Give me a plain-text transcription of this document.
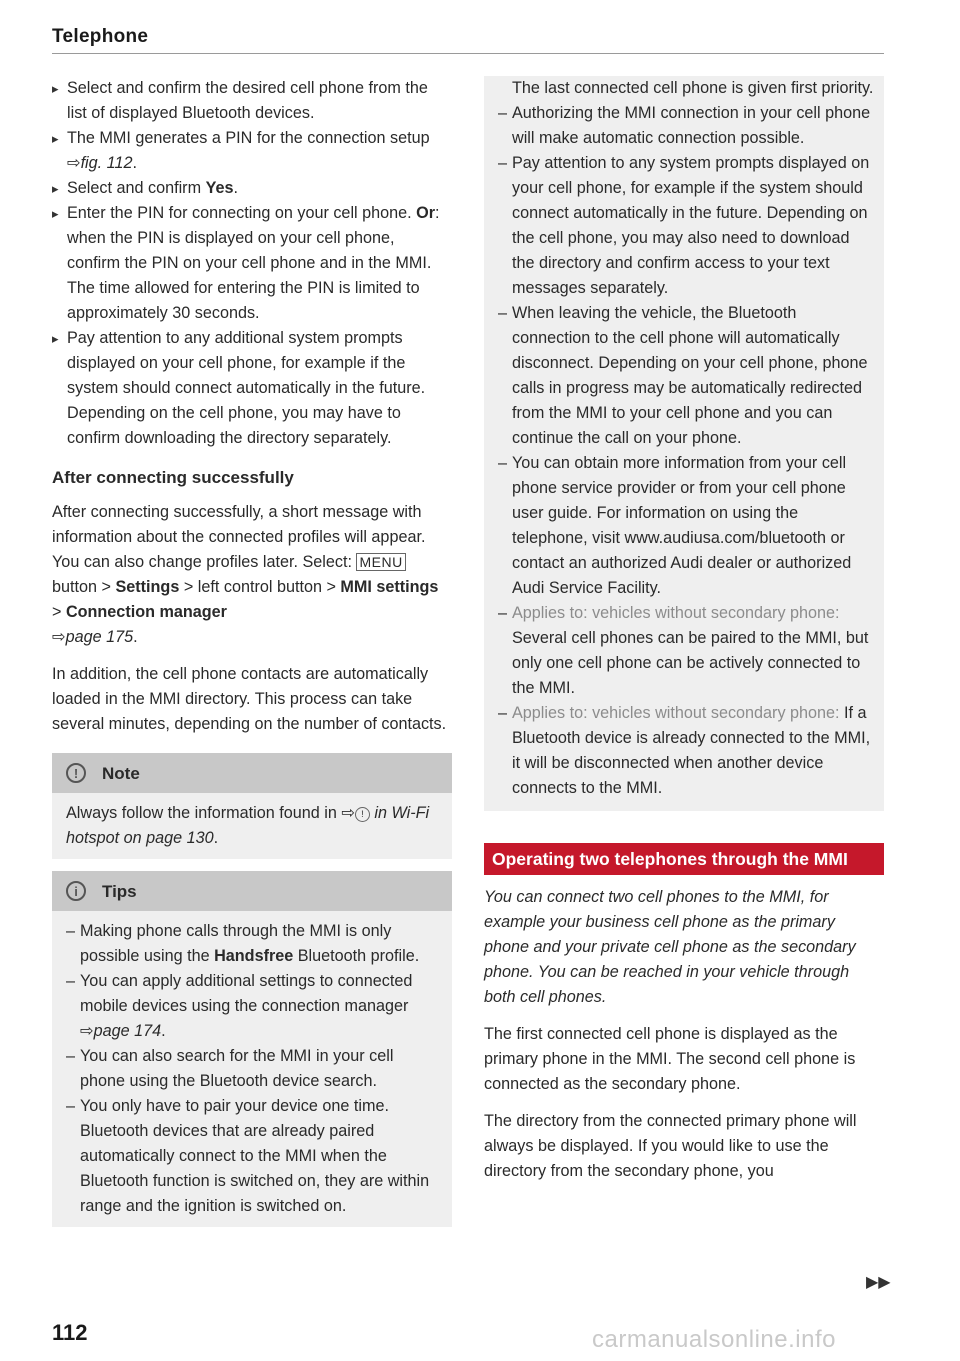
Telephone
▸ Select and confirm the desired cell phone from the list of displayed Bluetooth devices.
▸ The MMI generates a PIN for the connection setup ⇨fig. 112.
▸ Select and confirm Yes.
▸ Enter the PIN for connecting on your cell phone. Or: when the PIN is displayed on your cell phone, confirm the PIN on your cell phone and in the MMI. The time allowed for entering the PIN is limited to approximately 30 seconds.
▸ Pay attention to any additional system prompts displayed on your cell phone, for example if the system should connect automatically in the future. Depending on the cell phone, you may have to confirm downloading the directory separately.
After connecting successfully

After connecting successfully, a short message with information about the connected profiles will appear. You can also change profiles later. Select: MENU button > Settings > left control button > MMI settings > Connection manager
⇨page 175.

In addition, the cell phone contacts are automatically loaded in the MMI directory. This process can take several minutes, depending on the number of contacts.

!	Note
Always follow the information found in ⇨ ! in Wi-Fi hotspot on page 130.
i	Tips
– Making phone calls through the MMI is only possible using the Handsfree Bluetooth profile.
– You can apply additional settings to connected mobile devices using the connection manager ⇨page 174.
– You can also search for the MMI in your cell phone using the Bluetooth device search.
– You only have to pair your device one time. Bluetooth devices that are already paired automatically connect to the MMI when the Bluetooth function is switched on, they are within range and the ignition is switched on.

The last connected cell phone is given first priority.

– Authorizing the MMI connection in your cell phone will make automatic connection possible.
– Pay attention to any system prompts displayed on your cell phone, for example if the system should connect automatically in the future. Depending on the cell phone, you may also need to download the directory and confirm access to your text messages separately.
– When leaving the vehicle, the Bluetooth connection to the cell phone will automatically disconnect. Depending on your cell phone, phone calls in progress may be automatically redirected from the MMI to your cell phone and you can continue the call on your phone.
– You can obtain more information from your cell phone service provider or from your cell phone user guide. For information on using the telephone, visit www.audiusa.com/bluetooth or contact an authorized Audi dealer or authorized Audi Service Facility.
– Applies to: vehicles without secondary phone: Several cell phones can be paired to the MMI, but only one cell phone can be actively connected to the MMI.
– Applies to: vehicles without secondary phone: If a Bluetooth device is already connected to the MMI, it will be disconnected when another device connects to the MMI.
Operating two telephones through the MMI

You can connect two cell phones to the MMI, for example your business cell phone as the primary phone and your private cell phone as the secondary phone. You can be reached in your vehicle through both cell phones.

The first connected cell phone is displayed as the primary phone in the MMI. The second cell phone is connected as the secondary phone.

The directory from the connected primary phone will always be displayed. If you would like to use the directory from the secondary phone, you

▶▶
112	carmanualsonline.info
